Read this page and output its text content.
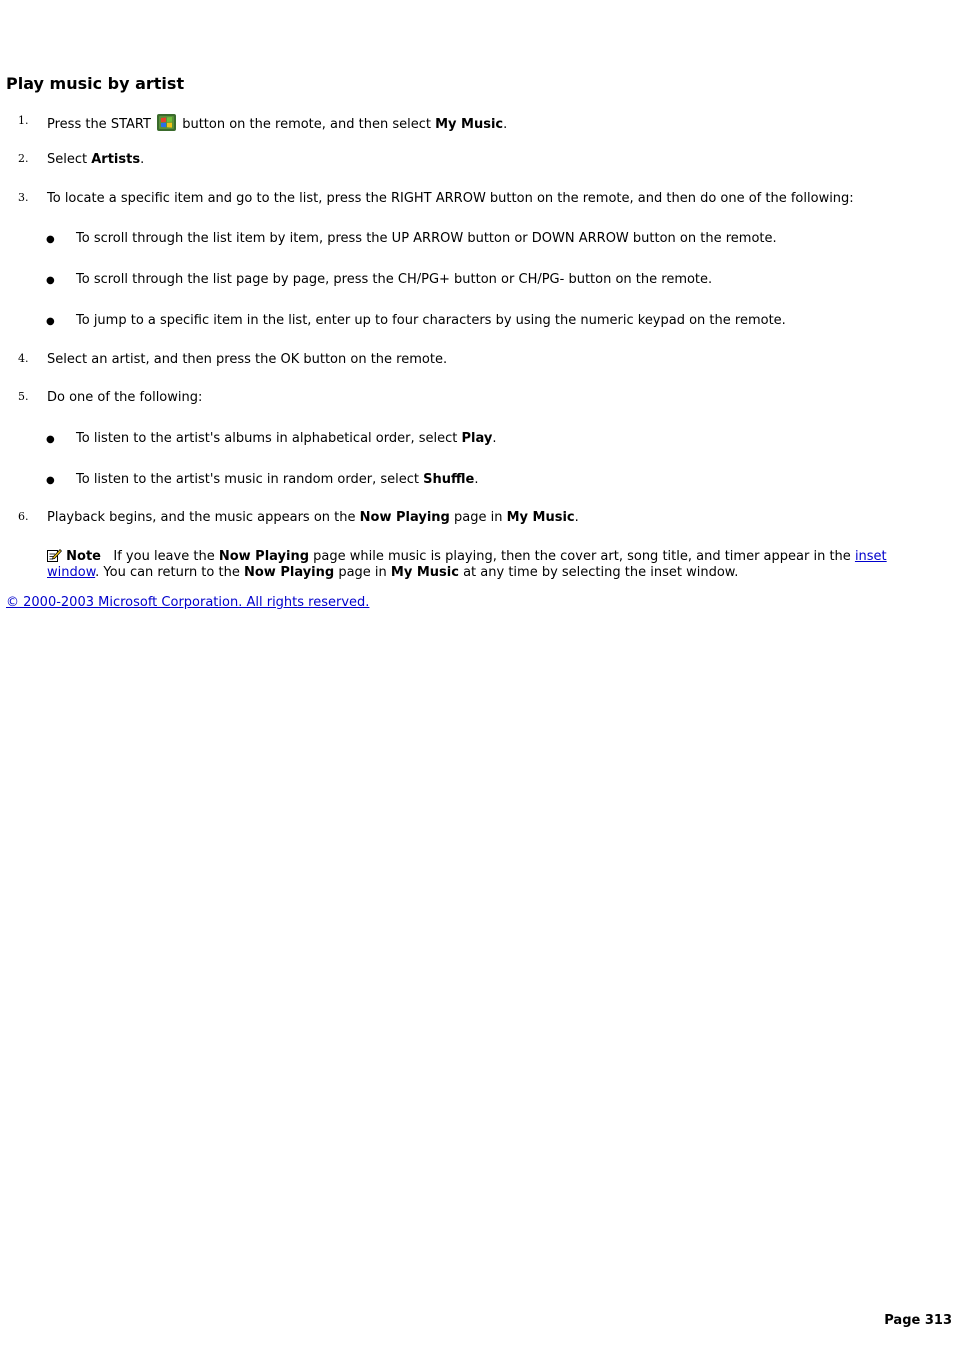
Play music by artist
1. Press the START button on the remote, and then select My Music.
2. Select Artists.
3. To locate a specific item and go to the list, press the RIGHT ARROW button on the remote, and then do one of the following:
● To scroll through the list item by item, press the UP ARROW button or DOWN ARROW button on the remote.
● To scroll through the list page by page, press the CH/PG+ button or CH/PG- button on the remote.
● To jump to a specific item in the list, enter up to four characters by using the numeric keypad on the remote.
4. Select an artist, and then press the OK button on the remote.
5. Do one of the following:
● To listen to the artist's albums in alphabetical order, select Play.
● To listen to the artist's music in random order, select Shuffle.
6. Playback begins, and the music appears on the Now Playing page in My Music.
Note If you leave the Now Playing page while music is playing, then the cover art, song title, and timer appear in the inset window. You can return to the Now Playing page in My Music at any time by selecting the inset window.
© 2000-2003 Microsoft Corporation. All rights reserved.
Page 313
